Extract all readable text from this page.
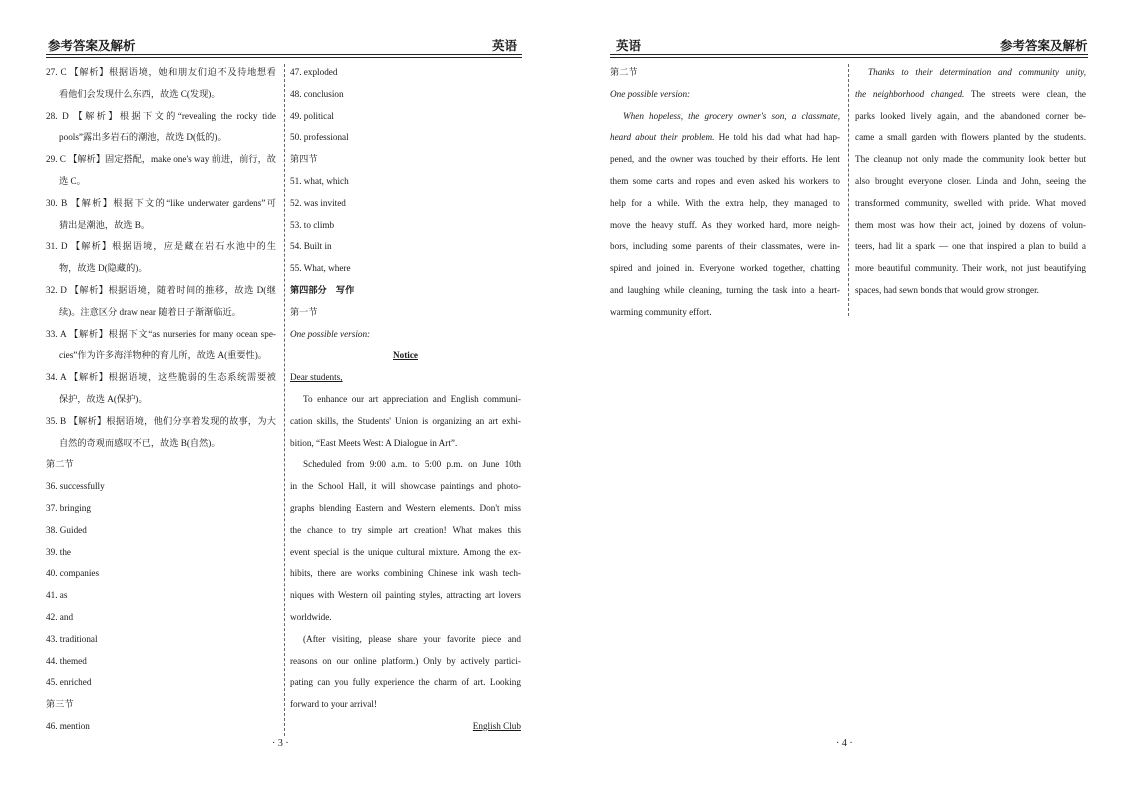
参考答案及解析	英语
27. C 【解析】根据语境，她和朋友们迫不及待地想看
看他们会发现什么东西，故选 C(发现)。
28. D 【解析】根据下文的“revealing the rocky tide
pools”露出多岩石的潮池，故选 D(低的)。
29. C 【解析】固定搭配，make one's way 前进，前行，故
选 C。
30. B 【解析】根据下文的“like underwater gardens”可
猜出是潮池，故选 B。
31. D 【解析】根据语境，应是藏在岩石水池中的生
物，故选 D(隐藏的)。
32. D 【解析】根据语境，随着时间的推移，故选 D(继
续)。注意区分 draw near 随着日子渐渐临近。
33. A 【解析】根据下文“as nurseries for many ocean spe-
cies”作为许多海洋物种的育儿所，故选 A(重要性)。
34. A 【解析】根据语境，这些脆弱的生态系统需要被
保护，故选 A(保护)。
35. B 【解析】根据语境，他们分享着发现的故事，为大
自然的奇观而感叹不已，故选 B(自然)。
第二节
36. successfully
37. bringing
38. Guided
39. the
40. companies
41. as
42. and
43. traditional
44. themed
45. enriched
第三节
46. mention
47. exploded
48. conclusion
49. political
50. professional
第四节
51. what, which
52. was invited
53. to climb
54. Built in
55. What, where
第四部分　写作
第一节
One possible version:
Notice
Dear students,
To enhance our art appreciation and English communi-
cation skills, the Students' Union is organizing an art exhi-
bition, “East Meets West: A Dialogue in Art”.
Scheduled from 9:00 a.m. to 5:00 p.m. on June 10th
in the School Hall, it will showcase paintings and photo-
graphs blending Eastern and Western elements. Don't miss
the chance to try simple art creation! What makes this
event special is the unique cultural mixture. Among the ex-
hibits, there are works combining Chinese ink wash tech-
niques with Western oil painting styles, attracting art lovers
worldwide.
(After visiting, please share your favorite piece and
reasons on our online platform.) Only by actively partici-
pating can you fully experience the charm of art. Looking
forward to your arrival!
English Club
· 3 ·
英语	参考答案及解析
第二节
One possible version:
When hopeless, the grocery owner's son, a classmate,
heard about their problem. He told his dad what had hap-
pened, and the owner was touched by their efforts. He lent
them some carts and ropes and even asked his workers to
help for a while. With the extra help, they managed to
move the heavy stuff. As they worked hard, more neigh-
bors, including some parents of their classmates, were in-
spired and joined in. Everyone worked together, chatting
and laughing while cleaning, turning the task into a heart-
warming community effort.
Thanks to their determination and community unity,
the neighborhood changed. The streets were clean, the
parks looked lively again, and the abandoned corner be-
came a small garden with flowers planted by the students.
The cleanup not only made the community look better but
also brought everyone closer. Linda and John, seeing the
transformed community, swelled with pride. What moved
them most was how their act, joined by dozens of volun-
teers, had lit a spark — one that inspired a plan to build a
more beautiful community. Their work, not just beautifying
spaces, had sewn bonds that would grow stronger.
· 4 ·
